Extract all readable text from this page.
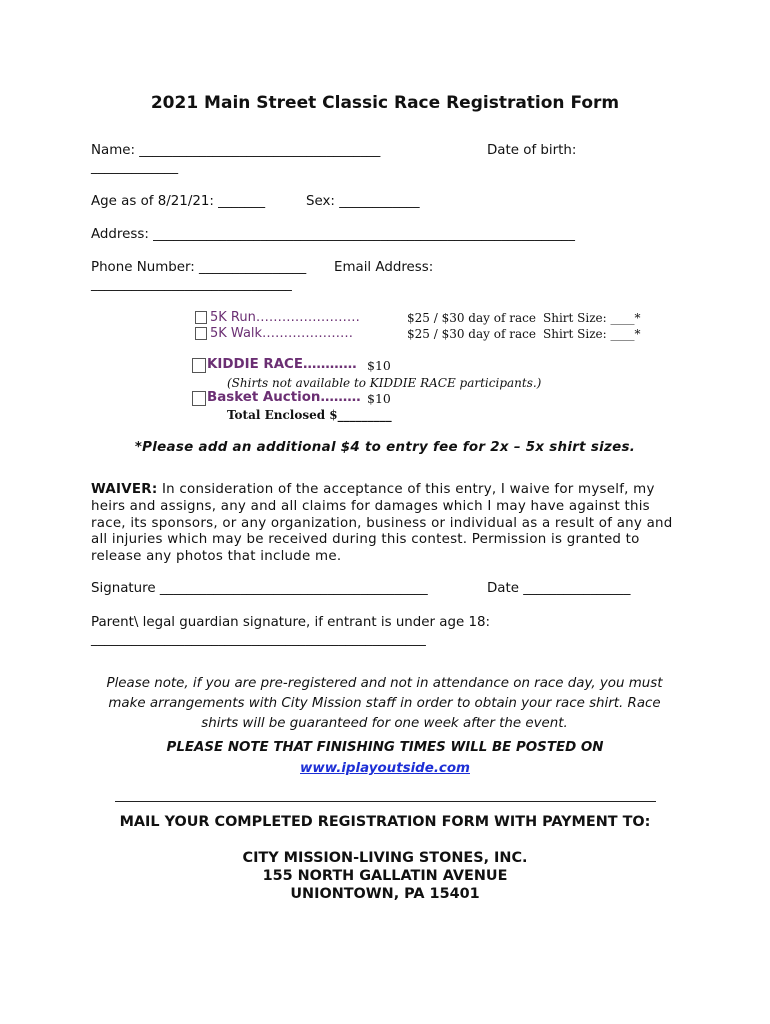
2021 Main Street Classic Race Registration Form
Name: ____________________________________	Date of birth:
_____________
Age as of 8/21/21: _______	Sex: ____________
Address: _______________________________________________________________
Phone Number: ________________ Email Address:
______________________________
5K Run……………………	$25 / $30 day of race Shirt Size: ____*
5K Walk…………………	$25 / $30 day of race Shirt Size: ____*
KIDDIE RACE………… $10
(Shirts not available to KIDDIE RACE participants.)
Basket Auction……… $10
Total Enclosed $_________
*Please add an additional $4 to entry fee for 2x – 5x shirt sizes.
WAIVER: In consideration of the acceptance of this entry, I waive for myself, my heirs and assigns, any and all claims for damages which I may have against this race, its sponsors, or any organization, business or individual as a result of any and all injuries which may be received during this contest. Permission is granted to release any photos that include me.
Signature ________________________________________	Date ________________
Parent\ legal guardian signature, if entrant is under age 18:
__________________________________________________
Please note, if you are pre-registered and not in attendance on race day, you must make arrangements with City Mission staff in order to obtain your race shirt. Race shirts will be guaranteed for one week after the event.
PLEASE NOTE THAT FINISHING TIMES WILL BE POSTED ON
www.iplayoutside.com
MAIL YOUR COMPLETED REGISTRATION FORM WITH PAYMENT TO:
CITY MISSION-LIVING STONES, INC.
155 NORTH GALLATIN AVENUE
UNIONTOWN, PA 15401
